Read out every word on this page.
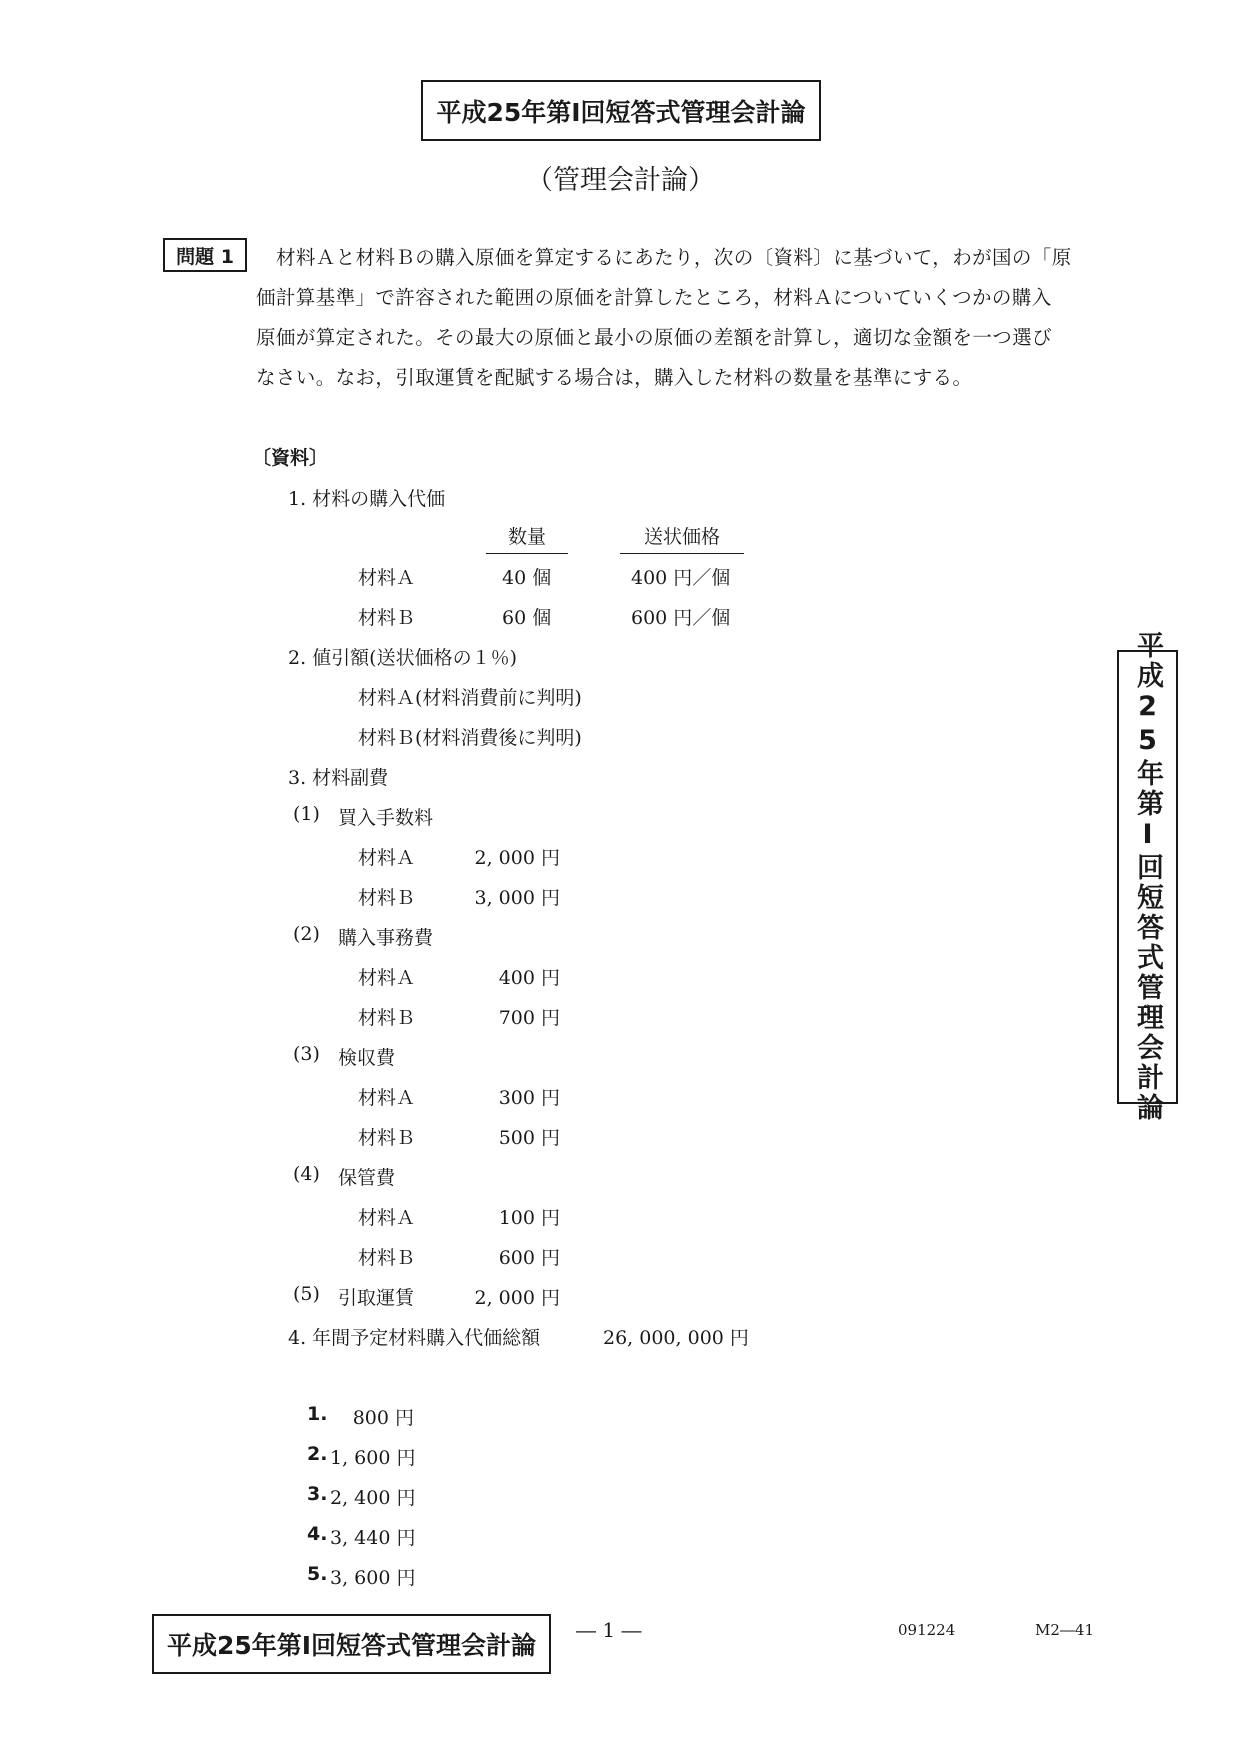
平成25年第Ⅰ回短答式管理会計論
（管理会計論）
問題 1 材料Ａと材料Ｂの購入原価を算定するにあたり，次の〔資料〕に基づいて，わが国の「原
価計算基準」で許容された範囲の原価を計算したところ，材料Ａについていくつかの購入
原価が算定された。その最大の原価と最小の原価の差額を計算し，適切な金額を一つ選び
なさい。なお，引取運賃を配賦する場合は，購入した材料の数量を基準にする。
〔資料〕
1. 材料の購入代価
数量	送状価格
材料Ａ	40 個	400 円／個
材料Ｂ	60 個	600 円／個
2. 値引額(送状価格の１％)
材料Ａ(材料消費前に判明)
材料Ｂ(材料消費後に判明)
3. 材料副費
(1) 買入手数料
材料Ａ	2, 000 円
材料Ｂ	3, 000 円
(2) 購入事務費
材料Ａ	400 円
材料Ｂ	700 円
(3) 検収費
材料Ａ	300 円
材料Ｂ	500 円
(4) 保管費
材料Ａ	100 円
材料Ｂ	600 円
(5) 引取運賃	2, 000 円
4. 年間予定材料購入代価総額	26, 000, 000 円
1.	800 円
2. 1, 600 円
3. 2, 400 円
4. 3, 440 円
5. 3, 600 円
平成25年第Ⅰ回短答式管理会計論
平成25年第Ⅰ回短答式管理会計論
― 1 ―	091224	M2―41
